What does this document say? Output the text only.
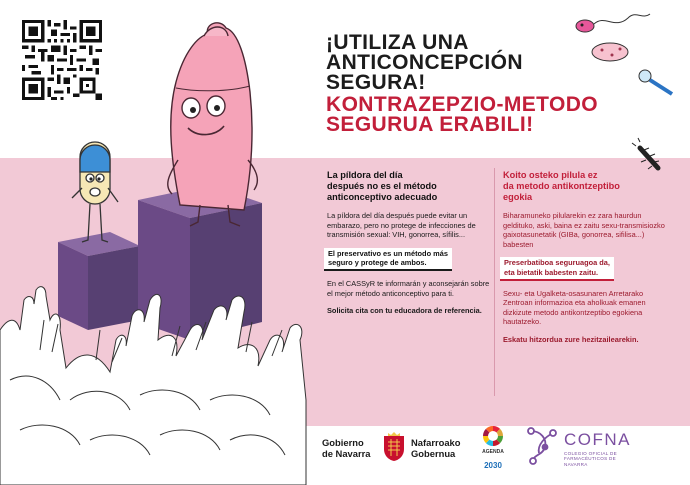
¡UTILIZA UNA
ANTICONCEPCIÓN
SEGURA!
KONTRAZEPZIO-METODO
SEGURUA ERABILI!
La píldora del día
después no es el método
anticonceptivo adecuado

La píldora del día después puede evitar un embarazo, pero no protege de infecciones de transmisión sexual: VIH, gonorrea, sífilis...

El preservativo es un método más
seguro y protege de ambos.

En el CASSyR te informarán y aconsejarán sobre el mejor método anticonceptivo para ti.

Solicita cita con tu educadora de referencia.

Koito osteko pilula ez
da metodo antikontzeptibo
egokia

Biharamuneko pilularekin ez zara haurdun geldituko, aski, baina ez zaitu sexu-transmisiozko gaixotasunetatik (GIBa, gonorrea, sifilisa...) babesten

Preserbatiboa seguruagoa da,
eta bietatik babesten zaitu.

Sexu- eta Ugalketa-osasunaren Arretarako Zentroan informazioa eta aholkuak emanen dizkizute metodo antikontzeptibo egokiena hautatzeko.

Eskatu hitzordua zure hezitzailearekin.

Gobierno
de Navarra
Nafarroako
Gobernua	AGENDA
2030
COFNA
COLEGIO OFICIAL DE FARMACÉUTICOS DE NAVARRA
